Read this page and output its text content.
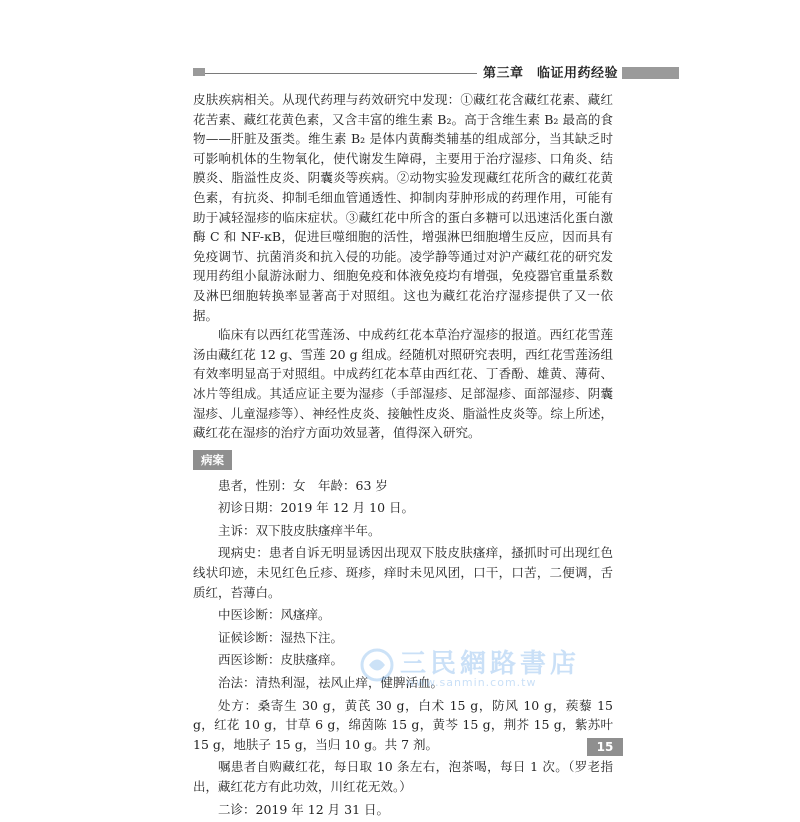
第三章　临证用药经验

皮肤疾病相关。从现代药理与药效研究中发现：①藏红花含藏红花素、藏红花苦素、藏红花黄色素，又含丰富的维生素 B₂。高于含维生素 B₂ 最高的食物——肝脏及蛋类。维生素 B₂ 是体内黄酶类辅基的组成部分，当其缺乏时可影响机体的生物氧化，使代谢发生障碍，主要用于治疗湿疹、口角炎、结膜炎、脂溢性皮炎、阴囊炎等疾病。②动物实验发现藏红花所含的藏红花黄色素，有抗炎、抑制毛细血管通透性、抑制肉芽肿形成的药理作用，可能有助于减轻湿疹的临床症状。③藏红花中所含的蛋白多糖可以迅速活化蛋白激酶 C 和 NF-κB，促进巨噬细胞的活性，增强淋巴细胞增生反应，因而具有免疫调节、抗菌消炎和抗入侵的功能。凌学静等通过对沪产藏红花的研究发现用药组小鼠游泳耐力、细胞免疫和体液免疫均有增强，免疫器官重量系数及淋巴细胞转换率显著高于对照组。这也为藏红花治疗湿疹提供了又一依据。

临床有以西红花雪莲汤、中成药红花本草治疗湿疹的报道。西红花雪莲汤由藏红花 12 g、雪莲 20 g 组成。经随机对照研究表明，西红花雪莲汤组有效率明显高于对照组。中成药红花本草由西红花、丁香酚、雄黄、薄荷、冰片等组成。其适应证主要为湿疹（手部湿疹、足部湿疹、面部湿疹、阴囊湿疹、儿童湿疹等）、神经性皮炎、接触性皮炎、脂溢性皮炎等。综上所述，藏红花在湿疹的治疗方面功效显著，值得深入研究。

病案

患者，性别：女　年龄：63 岁

初诊日期：2019 年 12 月 10 日。

主诉：双下肢皮肤瘙痒半年。

现病史：患者自诉无明显诱因出现双下肢皮肤瘙痒，搔抓时可出现红色线状印迹，未见红色丘疹、斑疹，痒时未见风团，口干，口苦，二便调，舌质红，苔薄白。

中医诊断：风瘙痒。

证候诊断：湿热下注。

西医诊断：皮肤瘙痒。

治法：清热利湿，祛风止痒，健脾活血。

处方：桑寄生 30 g，黄芪 30 g，白术 15 g，防风 10 g，蒺藜 15 g，红花 10 g，甘草 6 g，绵茵陈 15 g，黄芩 15 g，荆芥 15 g，紫苏叶 15 g，地肤子 15 g，当归 10 g。共 7 剂。

嘱患者自购藏红花，每日取 10 条左右，泡茶喝，每日 1 次。（罗老指出，藏红花方有此功效，川红花无效。）

二诊：2019 年 12 月 31 日。

三民網路書店
www.sanmin.com.tw
15
